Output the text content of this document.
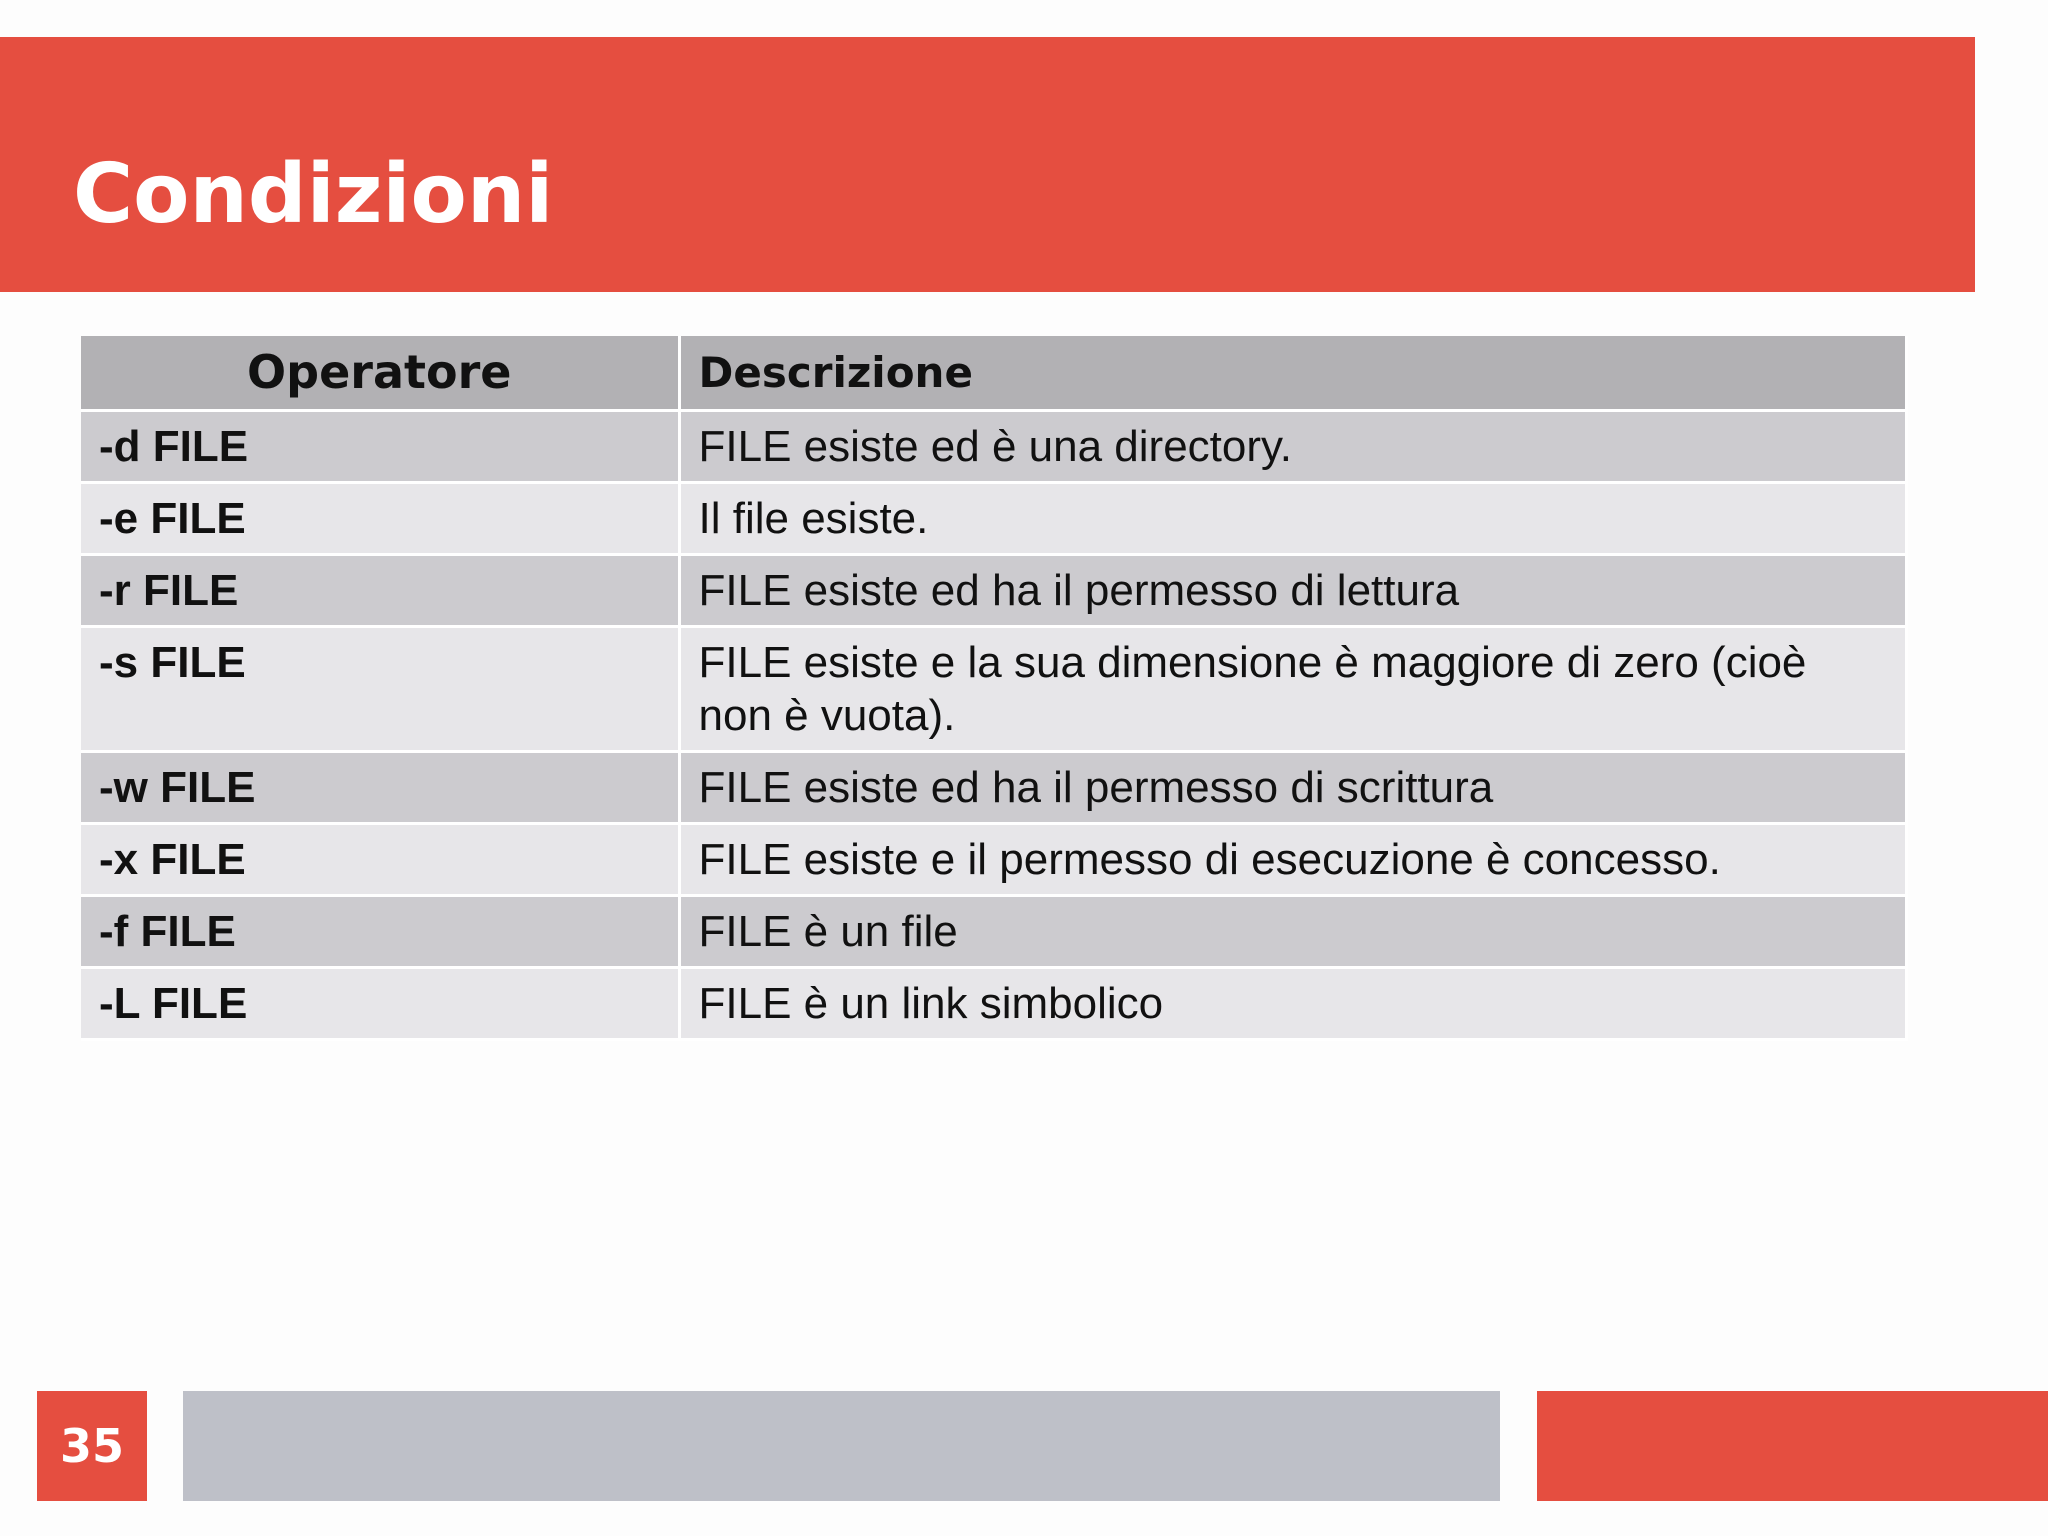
Condizioni
Operatore	Descrizione
-d FILE	FILE esiste ed è una directory.
-e FILE	Il file esiste.
-r FILE	FILE esiste ed ha il permesso di lettura
-s FILE	FILE esiste e la sua dimensione è maggiore di zero (cioè non è vuota).
-w FILE	FILE esiste ed ha il permesso di scrittura
-x FILE	FILE esiste e il permesso di esecuzione è concesso.
-f FILE	FILE è un file
-L FILE	FILE è un link simbolico
35
